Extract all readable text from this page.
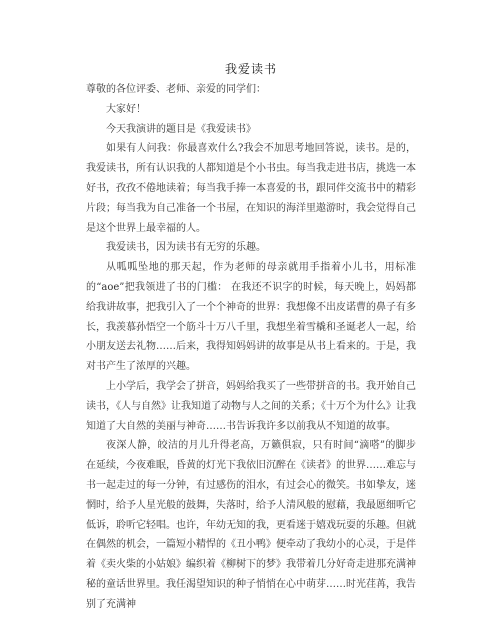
我爱读书

尊敬的各位评委、老师、亲爱的同学们：

大家好！

今天我演讲的题目是《我爱读书》

如果有人问我：你最喜欢什么?我会不加思考地回答说，读书。是的，我爱读书，所有认识我的人都知道是个小书虫。每当我走进书店，挑选一本好书，孜孜不倦地读着；每当我手捧一本喜爱的书，跟同伴交流书中的精彩片段；每当我为自己准备一个书屋，在知识的海洋里遨游时，我会觉得自己是这个世界上最幸福的人。

我爱读书，因为读书有无穷的乐趣。

从呱呱坠地的那天起，作为老师的母亲就用手指着小儿书，用标准的“aoe”把我领进了书的门槛： 在我还不识字的时候，每天晚上，妈妈都给我讲故事，把我引入了一个个神奇的世界：我想像不出皮诺曹的鼻子有多长，我羡慕孙悟空一个筋斗十万八千里，我想坐着雪橇和圣诞老人一起，给小朋友送去礼物……后来，我得知妈妈讲的故事是从书上看来的。于是，我对书产生了浓厚的兴趣。

上小学后，我学会了拼音，妈妈给我买了一些带拼音的书。我开始自己读书，《人与自然》让我知道了动物与人之间的关系；《十万个为什么》让我知道了大自然的美丽与神奇……书告诉我许多以前我从不知道的故事。

夜深人静，皎洁的月儿升得老高，万籁俱寂，只有时间“滴嗒”的脚步在延续，今夜难眠，昏黄的灯光下我依旧沉醉在《读者》的世界……难忘与书一起走过的每一分钟，有过感伤的泪水，有过会心的微笑。书如挚友，迷惘时，给予人星光般的鼓舞，失落时，给予人清风般的慰藉，我最愿细听它低诉，聆听它轻唱。也许，年幼无知的我，更看迷于嬉戏玩耍的乐趣。但就在偶然的机会，一篇短小精悍的《丑小鸭》便牵动了我幼小的心灵，于是伴着《卖火柴的小姑娘》编织着《柳树下的梦》我带着几分好奇走进那充满神秘的童话世界里。我任渴望知识的种子悄悄在心中萌芽……时光荏苒，我告别了充满神
